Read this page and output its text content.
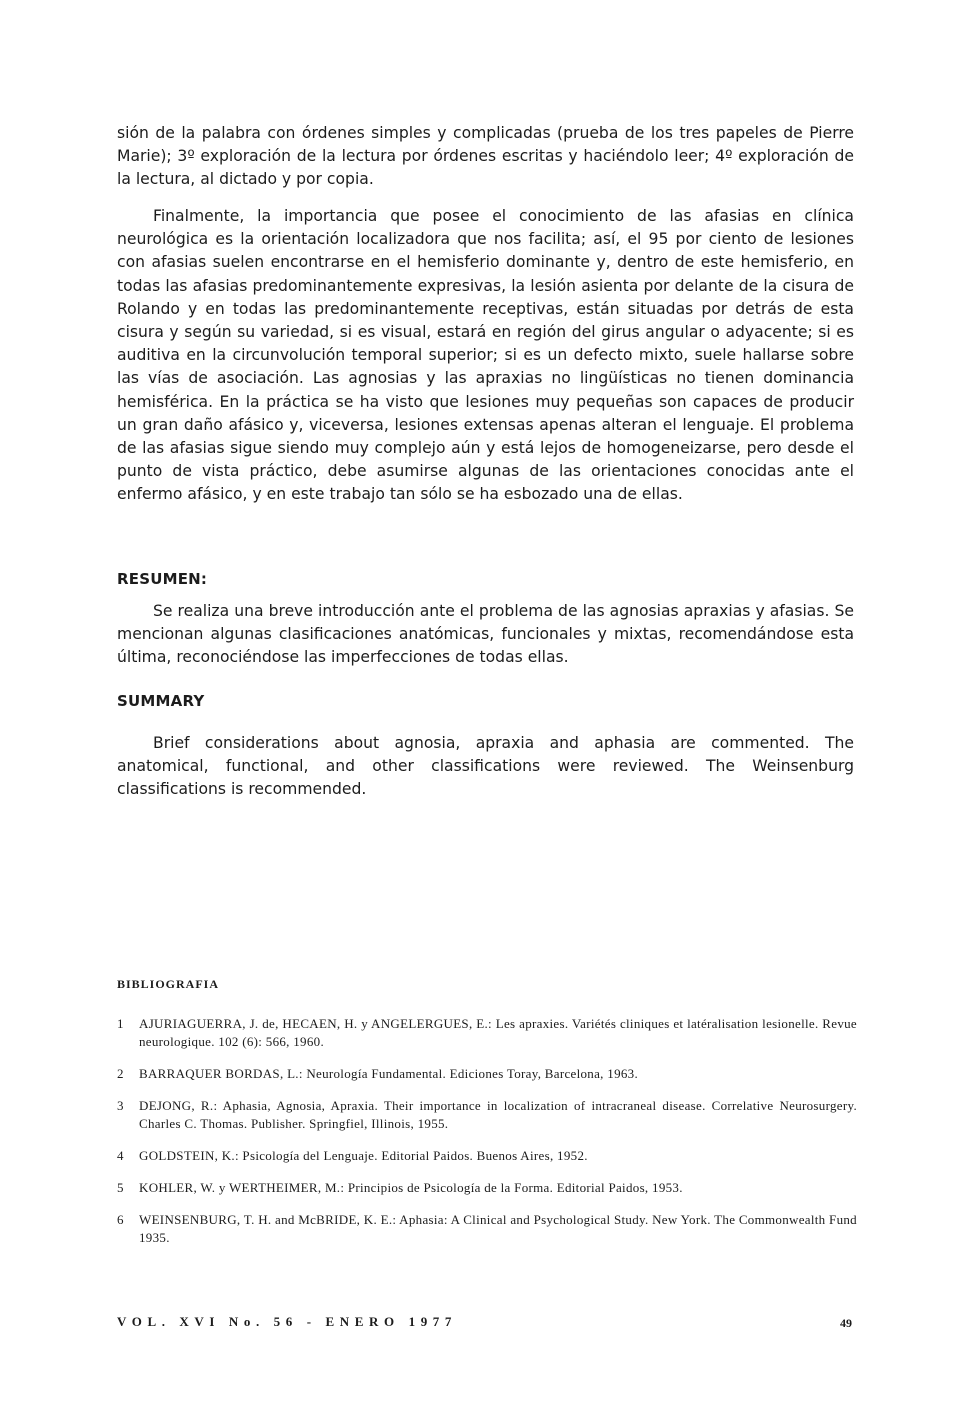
sión de la palabra con órdenes simples y complicadas (prueba de los tres papeles de Pierre Marie); 3º exploración de la lectura por órdenes escritas y haciéndolo leer; 4º exploración de la lectura, al dictado y por copia.

Finalmente, la importancia que posee el conocimiento de las afasias en clínica neurológica es la orientación localizadora que nos facilita; así, el 95 por ciento de lesiones con afasias suelen encontrarse en el hemisferio dominante y, dentro de este hemisferio, en todas las afasias predominantemente expresivas, la lesión asienta por delante de la cisura de Rolando y en todas las predominantemente receptivas, están situadas por detrás de esta cisura y según su variedad, si es visual, estará en región del girus angular o adyacente; si es auditiva en la circunvolución temporal superior; si es un defecto mixto, suele hallarse sobre las vías de asociación. Las agnosias y las apraxias no lingüísticas no tienen dominancia hemisférica. En la práctica se ha visto que lesiones muy pequeñas son capaces de producir un gran daño afásico y, viceversa, lesiones extensas apenas alteran el lenguaje. El problema de las afasias sigue siendo muy complejo aún y está lejos de homogeneizarse, pero desde el punto de vista práctico, debe asumirse algunas de las orientaciones conocidas ante el enfermo afásico, y en este trabajo tan sólo se ha esbozado una de ellas.

RESUMEN:

Se realiza una breve introducción ante el problema de las agnosias apraxias y afasias. Se mencionan algunas clasificaciones anatómicas, funcionales y mixtas, recomendándose esta última, reconociéndose las imperfecciones de todas ellas.

SUMMARY

Brief considerations about agnosia, apraxia and aphasia are commented. The anatomical, functional, and other classifications were reviewed. The Weinsenburg classifications is recommended.

BIBLIOGRAFIA
1	AJURIAGUERRA, J. de, HECAEN, H. y ANGELERGUES, E.: Les apraxies. Variétés cliniques et latéralisation lesionelle. Revue neurologique. 102 (6): 566, 1960.
2	BARRAQUER BORDAS, L.: Neurología Fundamental. Ediciones Toray, Barcelona, 1963.
3	DEJONG, R.: Aphasia, Agnosia, Apraxia. Their importance in localization of intracraneal disease. Correlative Neurosurgery. Charles C. Thomas. Publisher. Springfiel, Illinois, 1955.
4	GOLDSTEIN, K.: Psicología del Lenguaje. Editorial Paidos. Buenos Aires, 1952.
5	KOHLER, W. y WERTHEIMER, M.: Principios de Psicología de la Forma. Editorial Paidos, 1953.
6	WEINSENBURG, T. H. and McBRIDE, K. E.: Aphasia: A Clinical and Psychological Study. New York. The Commonwealth Fund 1935.

VOL. XVI No. 56 - ENERO 1977	49
